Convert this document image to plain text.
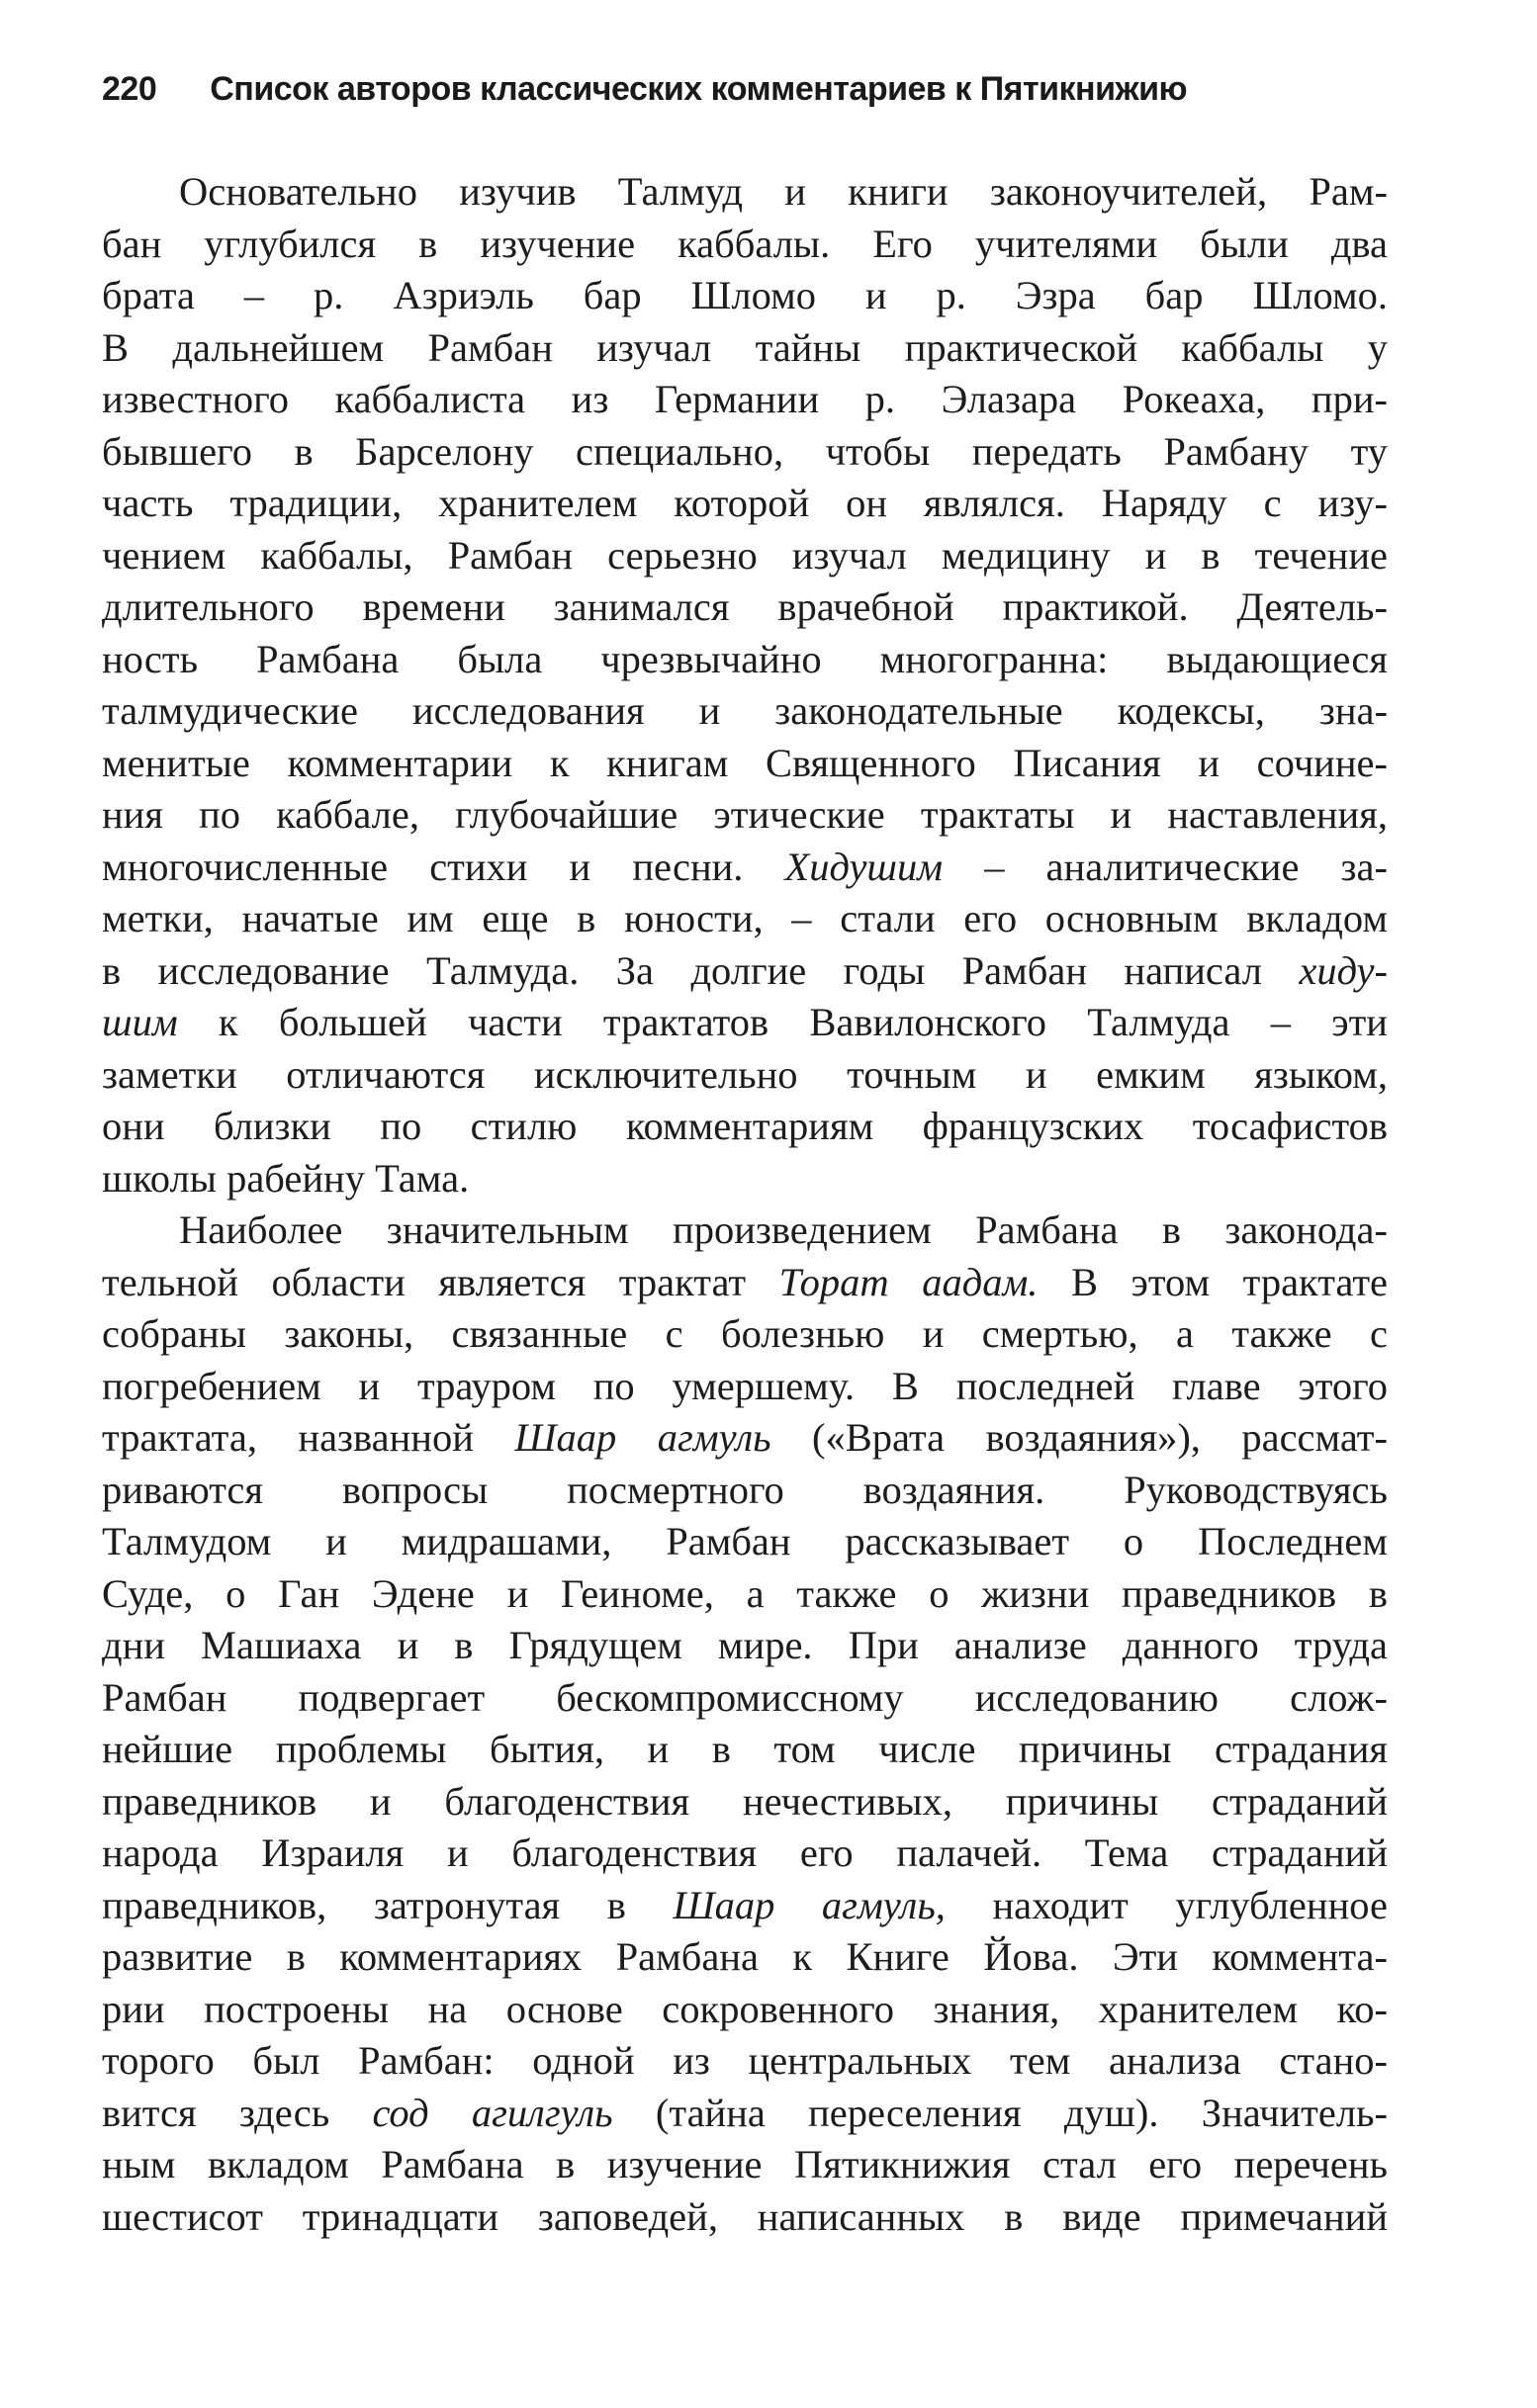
220 Список авторов классических комментариев к Пятикнижию
Основательно изучив Талмуд и книги законоучителей, Рам-
бан углубился в изучение каббалы. Его учителями были два
брата – р. Азриэль бар Шломо и р. Эзра бар Шломо.
В дальнейшем Рамбан изучал тайны практической каббалы у
известного каббалиста из Германии р. Элазара Рокеаха, при-
бывшего в Барселону специально, чтобы передать Рамбану ту
часть традиции, хранителем которой он являлся. Наряду с изу-
чением каббалы, Рамбан серьезно изучал медицину и в течение
длительного времени занимался врачебной практикой. Деятель-
ность Рамбана была чрезвычайно многогранна: выдающиеся
талмудические исследования и законодательные кодексы, зна-
менитые комментарии к книгам Священного Писания и сочине-
ния по каббале, глубочайшие этические трактаты и наставления,
многочисленные стихи и песни. Хидушим – аналитические за-
метки, начатые им еще в юности, – стали его основным вкладом
в исследование Талмуда. За долгие годы Рамбан написал хиду-
шим к большей части трактатов Вавилонского Талмуда – эти
заметки отличаются исключительно точным и емким языком,
они близки по стилю комментариям французских тосафистов
школы рабейну Тама.
Наиболее значительным произведением Рамбана в законода-
тельной области является трактат Торат аадам. В этом трактате
собраны законы, связанные с болезнью и смертью, а также с
погребением и трауром по умершему. В последней главе этого
трактата, названной Шаар агмуль («Врата воздаяния»), рассмат-
риваются вопросы посмертного воздаяния. Руководствуясь
Талмудом и мидрашами, Рамбан рассказывает о Последнем
Суде, о Ган Эдене и Геиноме, а также о жизни праведников в
дни Машиаха и в Грядущем мире. При анализе данного труда
Рамбан подвергает бескомпромиссному исследованию слож-
нейшие проблемы бытия, и в том числе причины страдания
праведников и благоденствия нечестивых, причины страданий
народа Израиля и благоденствия его палачей. Тема страданий
праведников, затронутая в Шаар агмуль, находит углубленное
развитие в комментариях Рамбана к Книге Йова. Эти коммента-
рии построены на основе сокровенного знания, хранителем ко-
торого был Рамбан: одной из центральных тем анализа стано-
вится здесь сод агилгуль (тайна переселения душ). Значитель-
ным вкладом Рамбана в изучение Пятикнижия стал его перечень
шестисот тринадцати заповедей, написанных в виде примечаний
